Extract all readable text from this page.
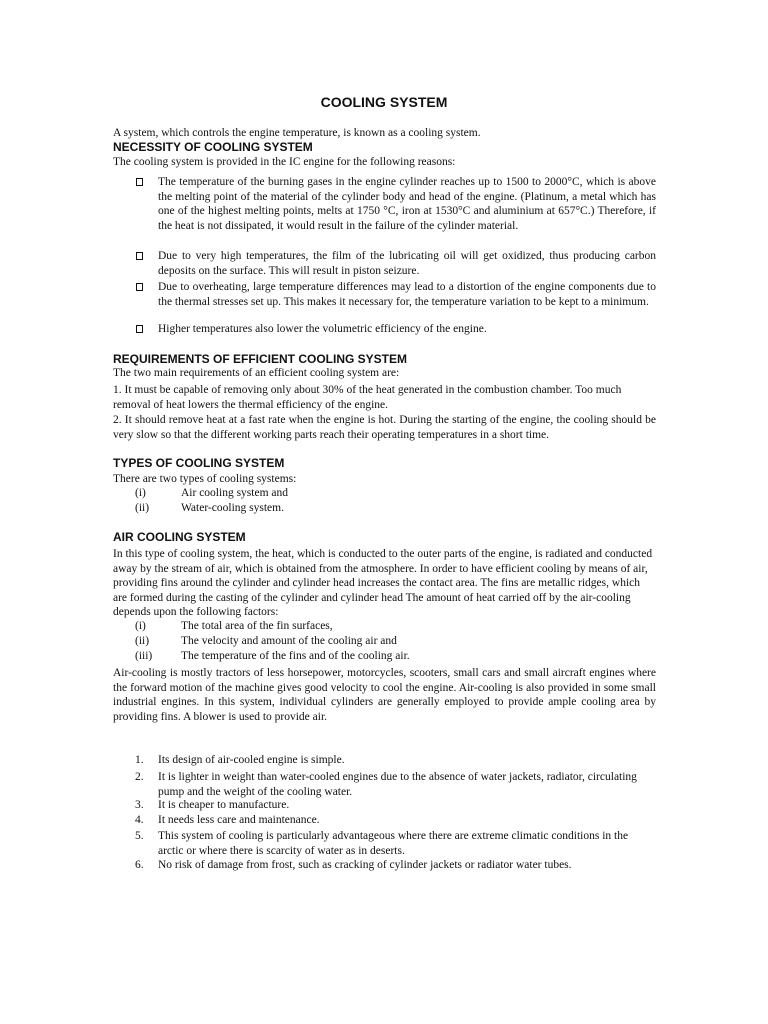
COOLING SYSTEM
A system, which controls the engine temperature, is known as a cooling system.
NECESSITY OF COOLING SYSTEM
The cooling system is provided in the IC engine for the following reasons:
The temperature of the burning gases in the engine cylinder reaches up to 1500 to 2000°C, which is above the melting point of the material of the cylinder body and head of the engine. (Platinum, a metal which has one of the highest melting points, melts at 1750 °C, iron at 1530°C and aluminium at 657°C.) Therefore, if the heat is not dissipated, it would result in the failure of the cylinder material.
Due to very high temperatures, the film of the lubricating oil will get oxidized, thus producing carbon deposits on the surface. This will result in piston seizure.
Due to overheating, large temperature differences may lead to a distortion of the engine components due to the thermal stresses set up. This makes it necessary for, the temperature variation to be kept to a minimum.
Higher temperatures also lower the volumetric efficiency of the engine.
REQUIREMENTS OF EFFICIENT COOLING SYSTEM
The two main requirements of an efficient cooling system are:
1. It must be capable of removing only about 30% of the heat generated in the combustion chamber. Too much removal of heat lowers the thermal efficiency of the engine.
2. It should remove heat at a fast rate when the engine is hot. During the starting of the engine, the cooling should be very slow so that the different working parts reach their operating temperatures in a short time.
TYPES OF COOLING SYSTEM
There are two types of cooling systems:
(i)	Air cooling system and
(ii)	Water-cooling system.
AIR COOLING SYSTEM
In this type of cooling system, the heat, which is conducted to the outer parts of the engine, is radiated and conducted away by the stream of air, which is obtained from the atmosphere. In order to have efficient cooling by means of air, providing fins around the cylinder and cylinder head increases the contact area. The fins are metallic ridges, which are formed during the casting of the cylinder and cylinder head The amount of heat carried off by the air-cooling depends upon the following factors:
(i)	The total area of the fin surfaces,
(ii)	The velocity and amount of the cooling air and
(iii)	The temperature of the fins and of the cooling air.
Air-cooling is mostly tractors of less horsepower, motorcycles, scooters, small cars and small aircraft engines where the forward motion of the machine gives good velocity to cool the engine. Air-cooling is also provided in some small industrial engines. In this system, individual cylinders are generally employed to provide ample cooling area by providing fins. A blower is used to provide air.
1. Its design of air-cooled engine is simple.
2. It is lighter in weight than water-cooled engines due to the absence of water jackets, radiator, circulating pump and the weight of the cooling water.
3. It is cheaper to manufacture.
4. It needs less care and maintenance.
5. This system of cooling is particularly advantageous where there are extreme climatic conditions in the arctic or where there is scarcity of water as in deserts.
6. No risk of damage from frost, such as cracking of cylinder jackets or radiator water tubes.
